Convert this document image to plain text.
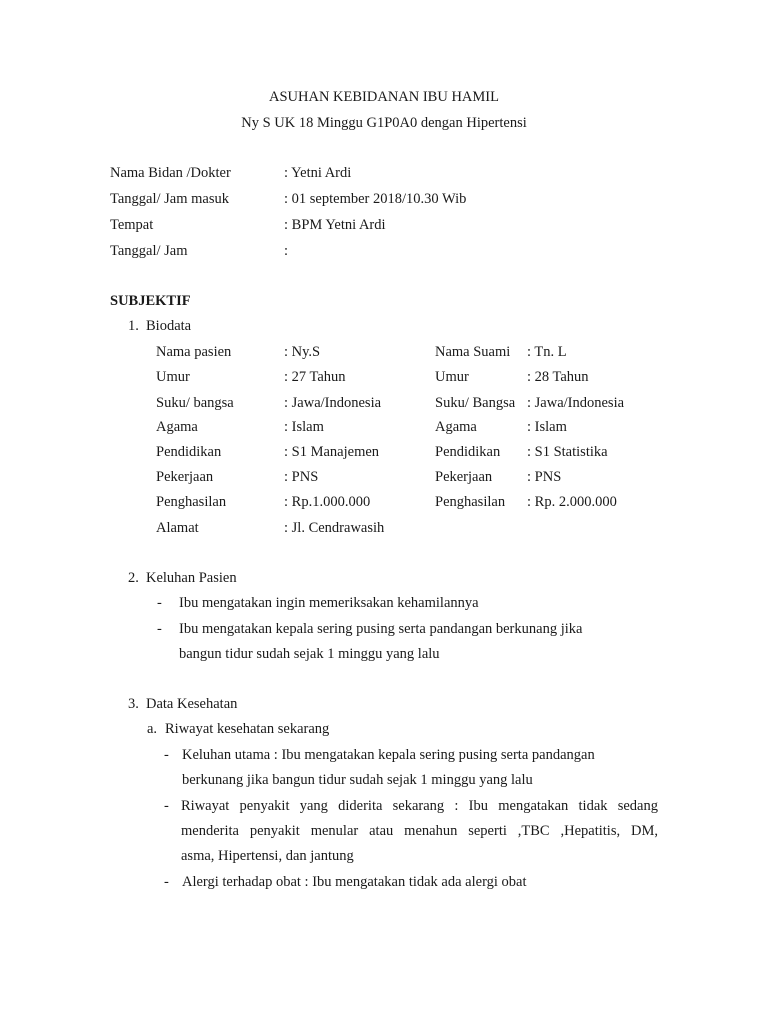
ASUHAN KEBIDANAN IBU HAMIL
Ny S UK 18 Minggu G1P0A0 dengan Hipertensi
Nama Bidan /Dokter	: Yetni Ardi
Tanggal/ Jam masuk	: 01 september 2018/10.30 Wib
Tempat	: BPM Yetni Ardi
Tanggal/ Jam	:
SUBJEKTIF
1. Biodata
Nama pasien	: Ny.S	Nama Suami : Tn. L
Umur	: 27 Tahun	Umur	: 28 Tahun
Suku/ bangsa	: Jawa/Indonesia	Suku/ Bangsa : Jawa/Indonesia
Agama	: Islam	Agama	: Islam
Pendidikan	: S1 Manajemen	Pendidikan : S1 Statistika
Pekerjaan	: PNS	Pekerjaan : PNS
Penghasilan	: Rp.1.000.000	Penghasilan : Rp. 2.000.000
Alamat	: Jl. Cendrawasih
2. Keluhan Pasien
- Ibu mengatakan ingin memeriksakan kehamilannya
- Ibu mengatakan kepala sering pusing serta pandangan berkunang jika
bangun tidur sudah sejak 1 minggu yang lalu
3. Data Kesehatan
a. Riwayat kesehatan sekarang
- Keluhan utama : Ibu mengatakan kepala sering pusing serta pandangan
berkunang jika bangun tidur sudah sejak 1 minggu yang lalu
- Riwayat penyakit yang diderita sekarang : Ibu mengatakan tidak sedang
menderita penyakit menular atau menahun seperti ,TBC ,Hepatitis, DM,
asma, Hipertensi, dan jantung
- Alergi terhadap obat : Ibu mengatakan tidak ada alergi obat
